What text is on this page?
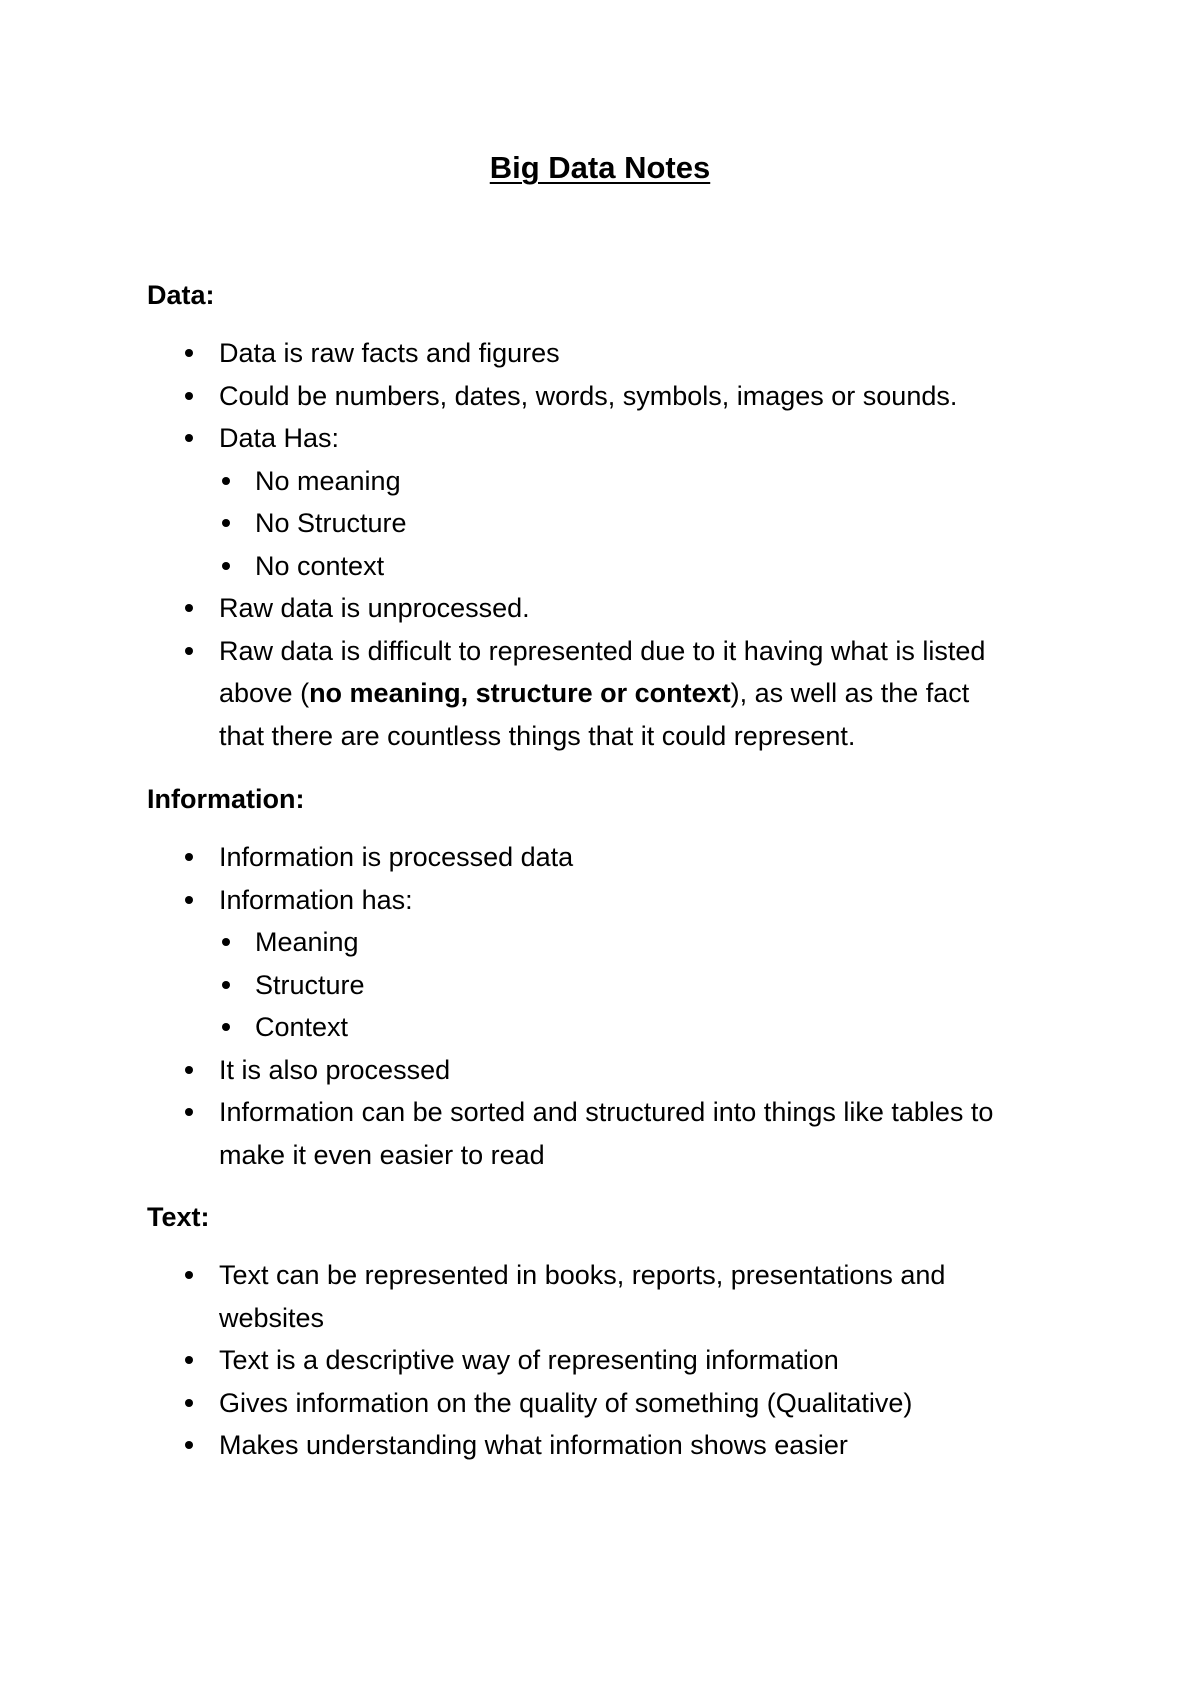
Big Data Notes

Data:

Data is raw facts and figures
Could be numbers, dates, words, symbols, images or sounds.
Data Has:
No meaning
No Structure
No context
Raw data is unprocessed.
Raw data is difficult to represented due to it having what is listed above (no meaning, structure or context), as well as the fact that there are countless things that it could represent.

Information:

Information is processed data
Information has:
Meaning
Structure
Context
It is also processed
Information can be sorted and structured into things like tables to make it even easier to read

Text:

Text can be represented in books, reports, presentations and websites
Text is a descriptive way of representing information
Gives information on the quality of something (Qualitative)
Makes understanding what information shows easier
